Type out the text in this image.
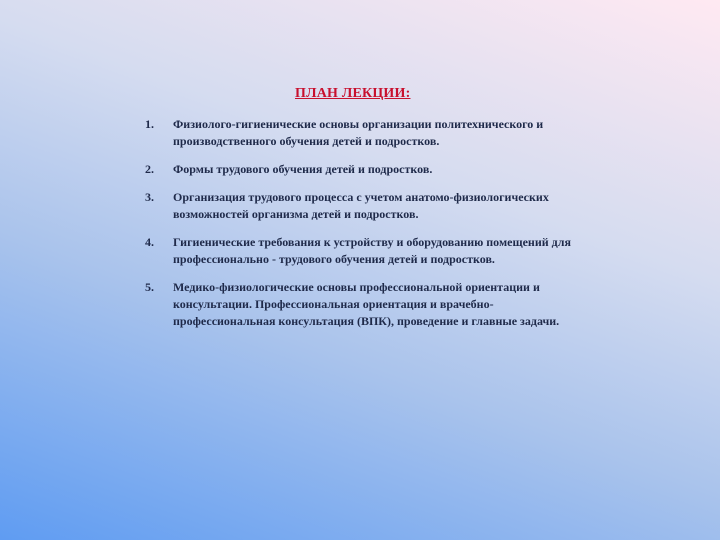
ПЛАН ЛЕКЦИИ:
1.	Физиолого-гигиенические основы организации политехнического и производственного обучения детей и подростков.
2.	Формы трудового обучения детей и подростков.
3.	Организация трудового процесса с учетом анатомо-физиологических возможностей организма детей и подростков.
4.	Гигиенические требования к устройству и оборудованию помещений для профессионально - трудового обучения детей и подростков.
5.	Медико-физиологические основы профессиональной ориентации и консультации. Профессиональная ориентация и врачебно-профессиональная консультация (ВПК), проведение и главные задачи.
